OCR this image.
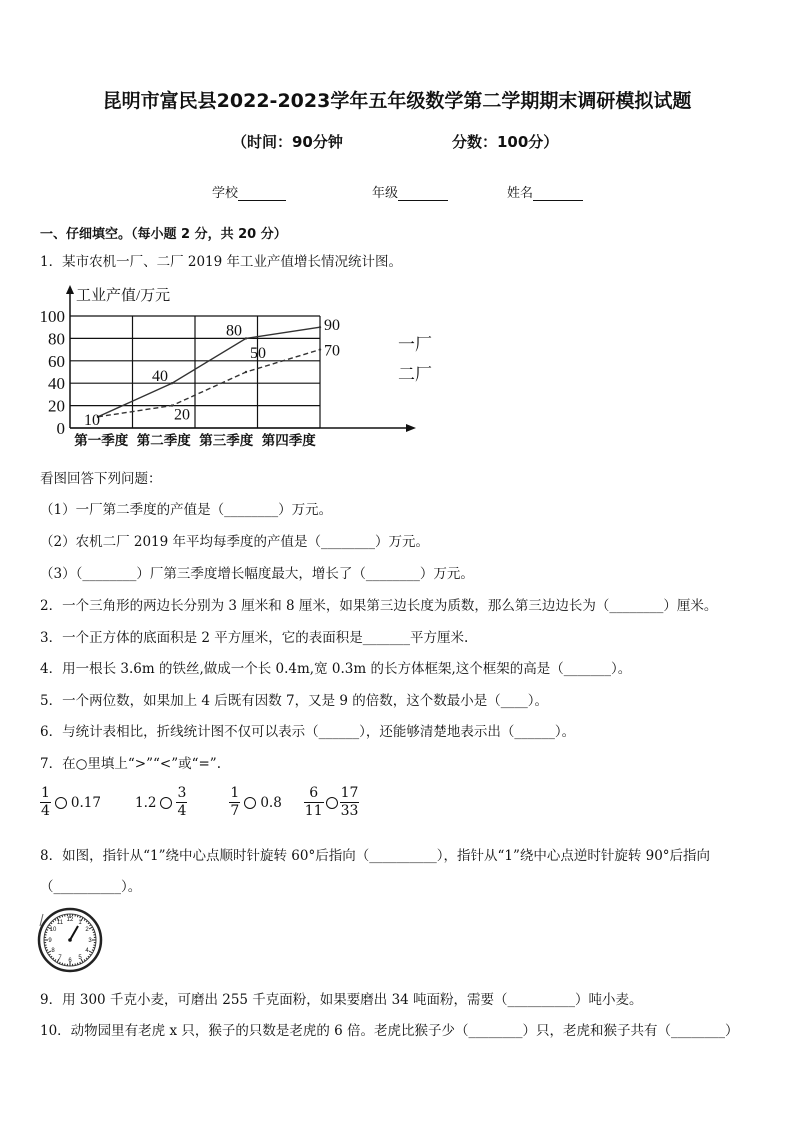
昆明市富民县2022-2023学年五年级数学第二学期期末调研模拟试题
（时间：90分钟	分数：100分）
学校	年级	姓名
一、仔细填空。（每小题 2 分，共 20 分）
1．某市农机一厂、二厂 2019 年工业产值增长情况统计图。
0
20
40
60
80
100
工业产值/万元
第一季度 第二季度 第三季度 第四季度
10
40
80	90
20
50	70	一厂
二厂
看图回答下列问题：
（1）一厂第二季度的产值是（________）万元。
（2）农机二厂 2019 年平均每季度的产值是（________）万元。
（3）（________）厂第三季度增长幅度最大，增长了（________）万元。
2．一个三角形的两边长分别为 3 厘米和 8 厘米，如果第三边长度为质数，那么第三边边长为（________）厘米。
3．一个正方体的底面积是 2 平方厘米，它的表面积是_______平方厘米.
4．用一根长 3.6m 的铁丝,做成一个长 0.4m,宽 0.3m 的长方体框架,这个框架的高是（_______）。
5．一个两位数，如果加上 4 后既有因数 7，又是 9 的倍数，这个数最小是（____）。
6．与统计表相比，折线统计图不仅可以表示（______），还能够清楚地表示出（______）。
7．在○里填上“>”“<”或“=”.
$\frac{1}{4} 0.17$	$1.2 \frac{3}{4}$	$\frac{1}{7} 0.8 \frac{6}{11} \frac{17}{33}$
8．如图，指针从“1”绕中心点顺时针旋转 60°后指向（__________），指针从“1”绕中心点逆时针旋转 90°后指向
（__________）。
12 1
2
3
4
5
6
7
8
9
10
11
9．用 300 千克小麦，可磨出 255 千克面粉，如果要磨出 34 吨面粉，需要（__________）吨小麦。
10．动物园里有老虎 x 只，猴子的只数是老虎的 6 倍。老虎比猴子少（________）只，老虎和猴子共有（________）
